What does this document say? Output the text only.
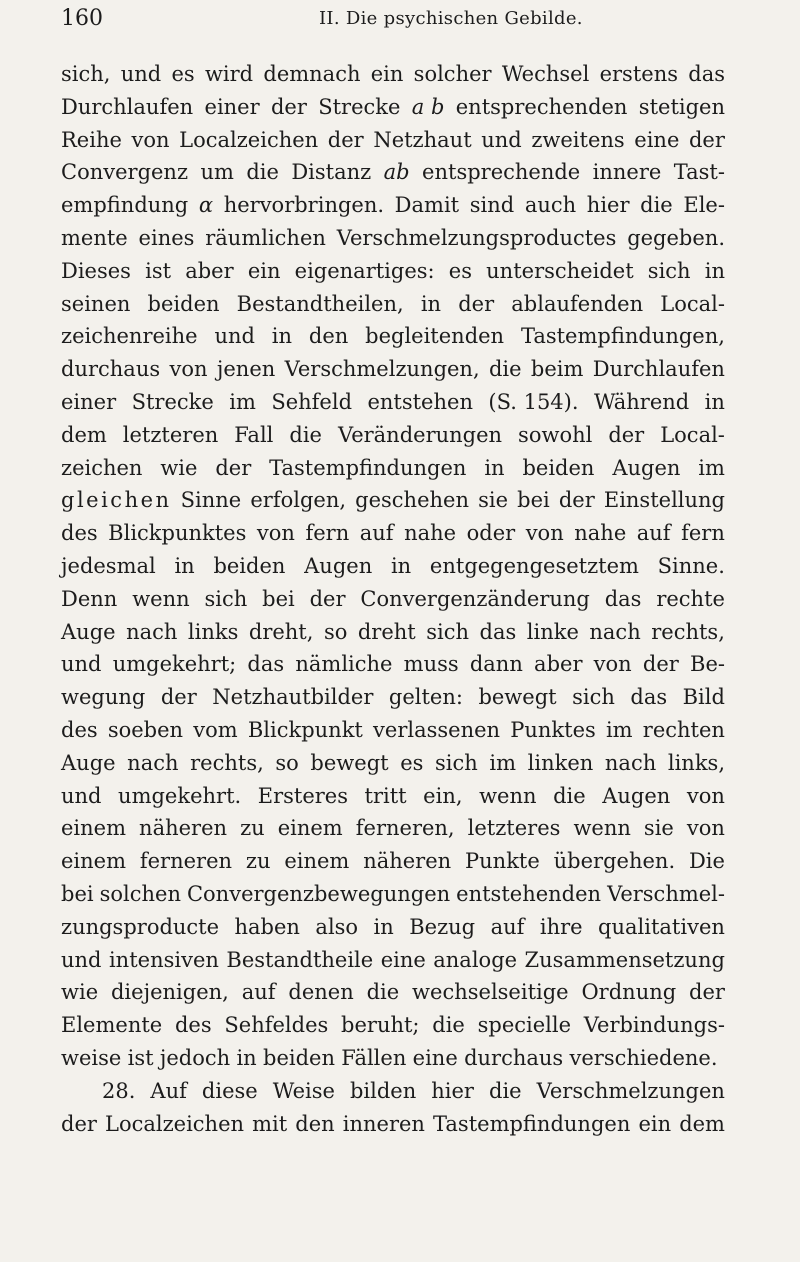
160	II. Die psychischen Gebilde.
sich, und es wird demnach ein solcher Wechsel erstens das
Durchlaufen einer der Strecke a b entsprechenden stetigen
Reihe von Localzeichen der Netzhaut und zweitens eine der
Convergenz um die Distanz ab entsprechende innere Tast-
empfindung α hervorbringen. Damit sind auch hier die Ele-
mente eines räumlichen Verschmelzungsproductes gegeben.
Dieses ist aber ein eigenartiges: es unterscheidet sich in
seinen beiden Bestandtheilen, in der ablaufenden Local-
zeichenreihe und in den begleitenden Tastempfindungen,
durchaus von jenen Verschmelzungen, die beim Durchlaufen
einer Strecke im Sehfeld entstehen (S. 154). Während in
dem letzteren Fall die Veränderungen sowohl der Local-
zeichen wie der Tastempfindungen in beiden Augen im
gleichen Sinne erfolgen, geschehen sie bei der Einstellung
des Blickpunktes von fern auf nahe oder von nahe auf fern
jedesmal in beiden Augen in entgegengesetztem Sinne.
Denn wenn sich bei der Convergenzänderung das rechte
Auge nach links dreht, so dreht sich das linke nach rechts,
und umgekehrt; das nämliche muss dann aber von der Be-
wegung der Netzhautbilder gelten: bewegt sich das Bild
des soeben vom Blickpunkt verlassenen Punktes im rechten
Auge nach rechts, so bewegt es sich im linken nach links,
und umgekehrt. Ersteres tritt ein, wenn die Augen von
einem näheren zu einem ferneren, letzteres wenn sie von
einem ferneren zu einem näheren Punkte übergehen. Die
bei solchen Convergenzbewegungen entstehenden Verschmel-
zungsproducte haben also in Bezug auf ihre qualitativen
und intensiven Bestandtheile eine analoge Zusammensetzung
wie diejenigen, auf denen die wechselseitige Ordnung der
Elemente des Sehfeldes beruht; die specielle Verbindungs-
weise ist jedoch in beiden Fällen eine durchaus verschiedene.
28. Auf diese Weise bilden hier die Verschmelzungen
der Localzeichen mit den inneren Tastempfindungen ein dem
